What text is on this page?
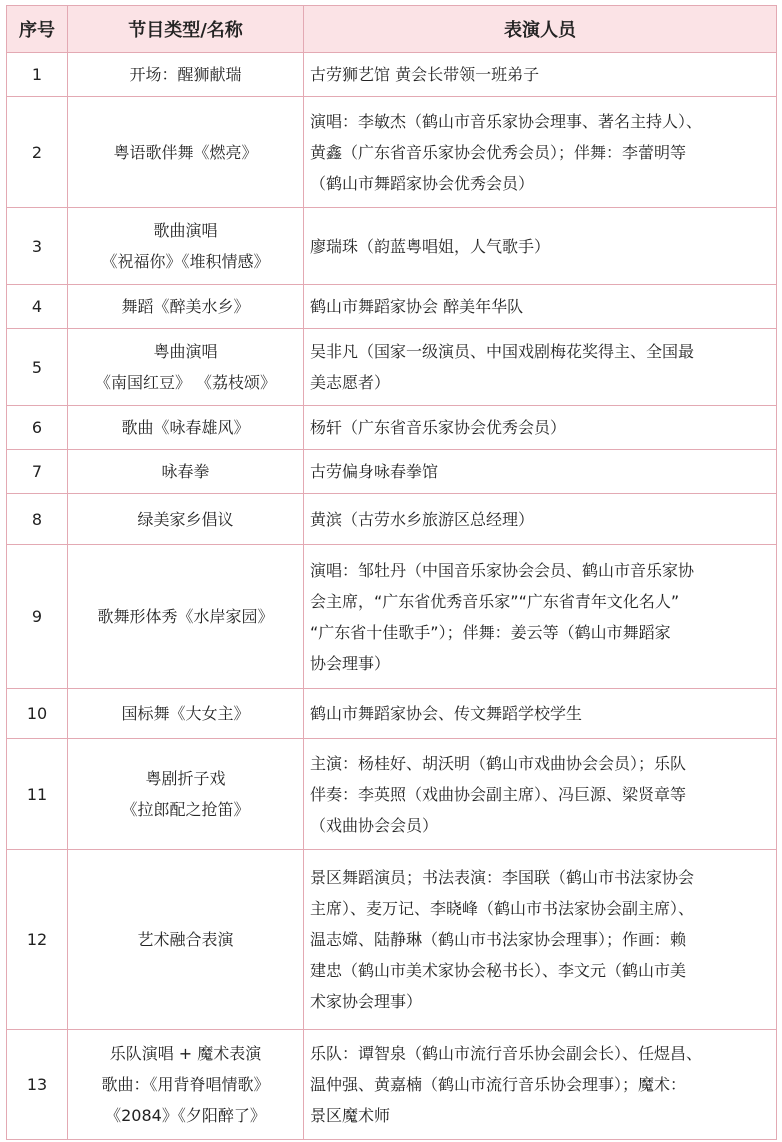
序号	节目类型/名称	表演人员
1	开场：醒狮献瑞	古劳狮艺馆 黄会长带领一班弟子

2	粤语歌伴舞《燃亮》	演唱：李敏杰（鹤山市音乐家协会理事、著名主持人）、
黄鑫（广东省音乐家协会优秀会员）；伴舞：李蕾明等
（鹤山市舞蹈家协会优秀会员）

3	歌曲演唱
《祝福你》《堆积情感》	廖瑞珠（韵蓝粤唱姐，人气歌手）

4	舞蹈《醉美水乡》	鹤山市舞蹈家协会 醉美年华队

5	粤曲演唱
《南国红豆》 《荔枝颂》	吴非凡（国家一级演员、中国戏剧梅花奖得主、全国最
美志愿者）

6	歌曲《咏春雄风》	杨轩（广东省音乐家协会优秀会员）

7	咏春拳	古劳偏身咏春拳馆

8	绿美家乡倡议	黄滨（古劳水乡旅游区总经理）

9	歌舞形体秀《水岸家园》	演唱：邹牡丹（中国音乐家协会会员、鹤山市音乐家协
会主席，“广东省优秀音乐家”“广东省青年文化名人”
“广东省十佳歌手”）；伴舞：姜云等（鹤山市舞蹈家
协会理事）

10	国标舞《大女主》	鹤山市舞蹈家协会、传文舞蹈学校学生

11	粤剧折子戏
《拉郎配之抢笛》	主演：杨桂好、胡沃明（鹤山市戏曲协会会员）；乐队
伴奏：李英照（戏曲协会副主席）、冯巨源、梁贤章等
（戏曲协会会员）

12	艺术融合表演	景区舞蹈演员；书法表演：李国联（鹤山市书法家协会
主席）、麦万记、李晓峰（鹤山市书法家协会副主席）、
温志嫦、陆静琳（鹤山市书法家协会理事）；作画：赖
建忠（鹤山市美术家协会秘书长）、李文元（鹤山市美
术家协会理事）

13	乐队演唱 + 魔术表演
歌曲：《用背脊唱情歌》
《2084》《夕阳醉了》	乐队：谭智泉（鹤山市流行音乐协会副会长）、任煜昌、
温仲强、黄嘉楠（鹤山市流行音乐协会理事）；魔术：
景区魔术师
